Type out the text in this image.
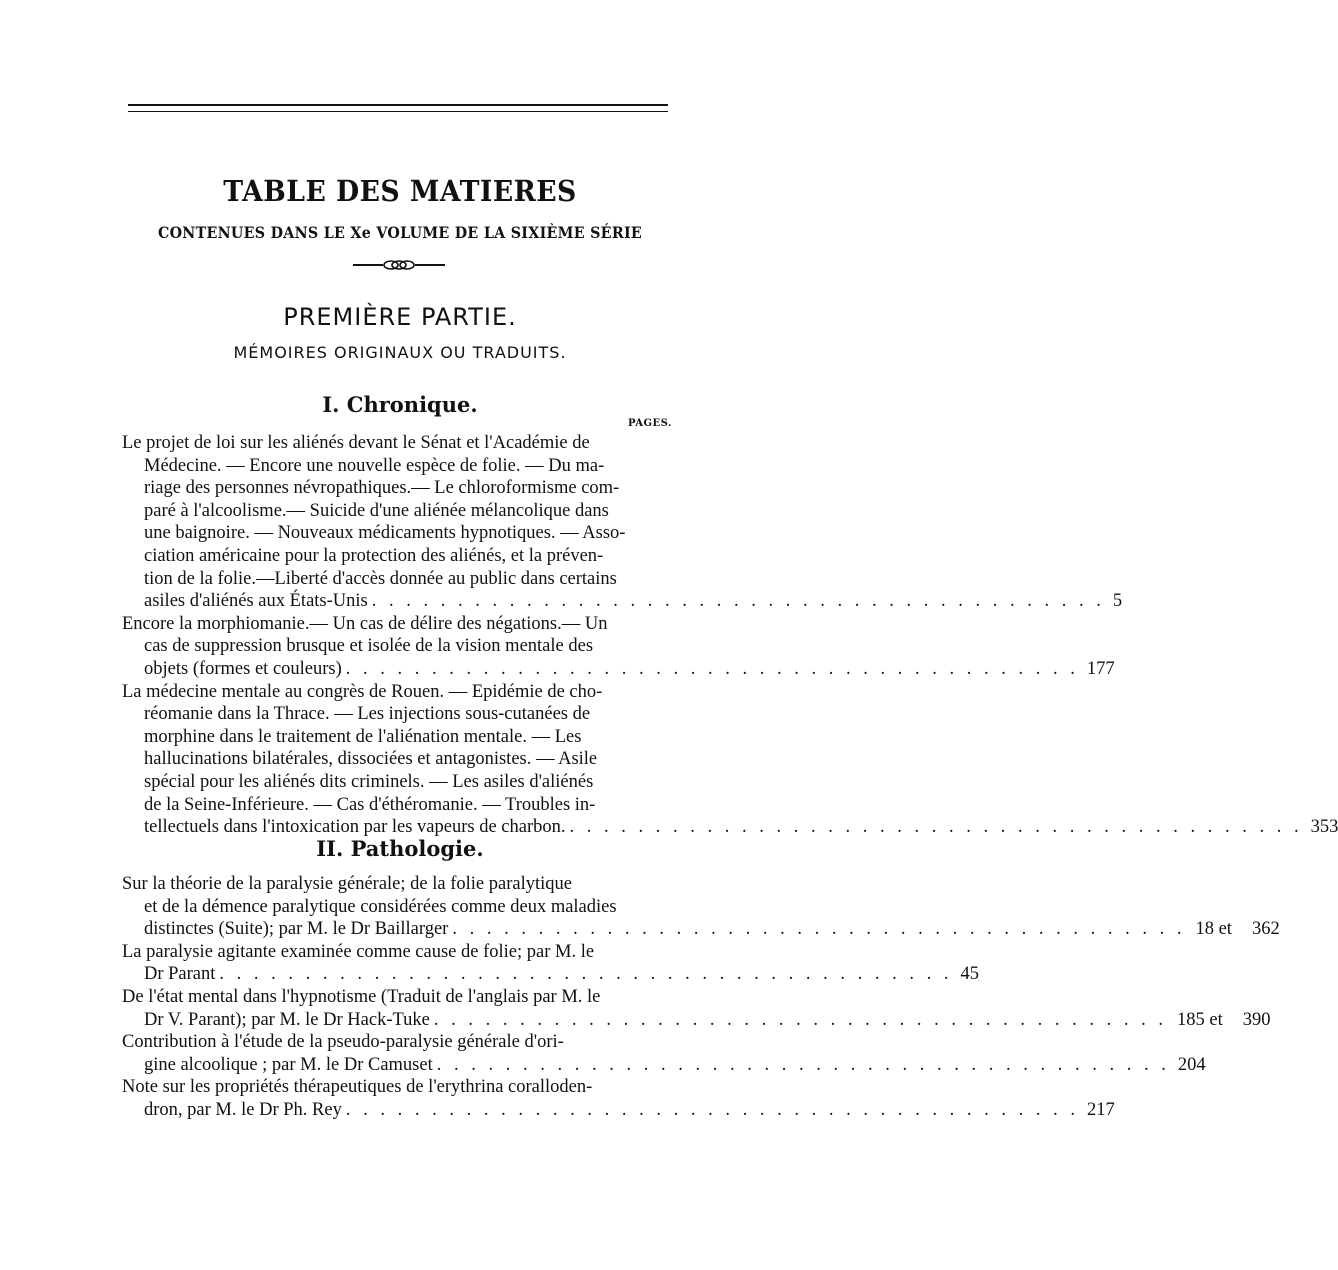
TABLE DES MATIERES
CONTENUES DANS LE Xe VOLUME DE LA SIXIÈME SÉRIE
PREMIÈRE PARTIE.
MÉMOIRES ORIGINAUX OU TRADUITS.
I. Chronique.
PAGES.
Le projet de loi sur les aliénés devant le Sénat et l'Académie de
Médecine. — Encore une nouvelle espèce de folie. — Du ma-
riage des personnes névropathiques.— Le chloroformisme com-
paré à l'alcoolisme.— Suicide d'une aliénée mélancolique dans
une baignoire. — Nouveaux médicaments hypnotiques. — Asso-
ciation américaine pour la protection des aliénés, et la préven-
tion de la folie.—Liberté d'accès donnée au public dans certains
asiles d'aliénés aux États-Unis . . . . . . . . . . . . . . . . . . . . . . . . . . . . . . . . . . . . . . . . . . . 5
Encore la morphiomanie.— Un cas de délire des négations.— Un
cas de suppression brusque et isolée de la vision mentale des
objets (formes et couleurs) . . . . . . . . . . . . . . . . . . . . . . . . . . . . . . . . . . . . . . . . . . . 177
La médecine mentale au congrès de Rouen. — Epidémie de cho-
réomanie dans la Thrace. — Les injections sous-cutanées de
morphine dans le traitement de l'aliénation mentale. — Les
hallucinations bilatérales, dissociées et antagonistes. — Asile
spécial pour les aliénés dits criminels. — Les asiles d'aliénés
de la Seine-Inférieure. — Cas d'éthéromanie. — Troubles in-
tellectuels dans l'intoxication par les vapeurs de charbon. . . . . . . . . . . . . . . . . . . . . . . . . . . . . . . . . . . . . . . . . . . . 353
II. Pathologie.
Sur la théorie de la paralysie générale; de la folie paralytique
et de la démence paralytique considérées comme deux maladies
distinctes (Suite); par M. le Dr Baillarger . . . . . . . . . . . . . . . . . . . . . . . . . . . . . . . . . . . . . . . . . . . 18 et	362
La paralysie agitante examinée comme cause de folie; par M. le
Dr Parant . . . . . . . . . . . . . . . . . . . . . . . . . . . . . . . . . . . . . . . . . . . 45
De l'état mental dans l'hypnotisme (Traduit de l'anglais par M. le
Dr V. Parant); par M. le Dr Hack-Tuke . . . . . . . . . . . . . . . . . . . . . . . . . . . . . . . . . . . . . . . . . . . 185 et	390
Contribution à l'étude de la pseudo-paralysie générale d'ori-
gine alcoolique ; par M. le Dr Camuset . . . . . . . . . . . . . . . . . . . . . . . . . . . . . . . . . . . . . . . . . . . 204
Note sur les propriétés thérapeutiques de l'erythrina coralloden-
dron, par M. le Dr Ph. Rey . . . . . . . . . . . . . . . . . . . . . . . . . . . . . . . . . . . . . . . . . . . 217
